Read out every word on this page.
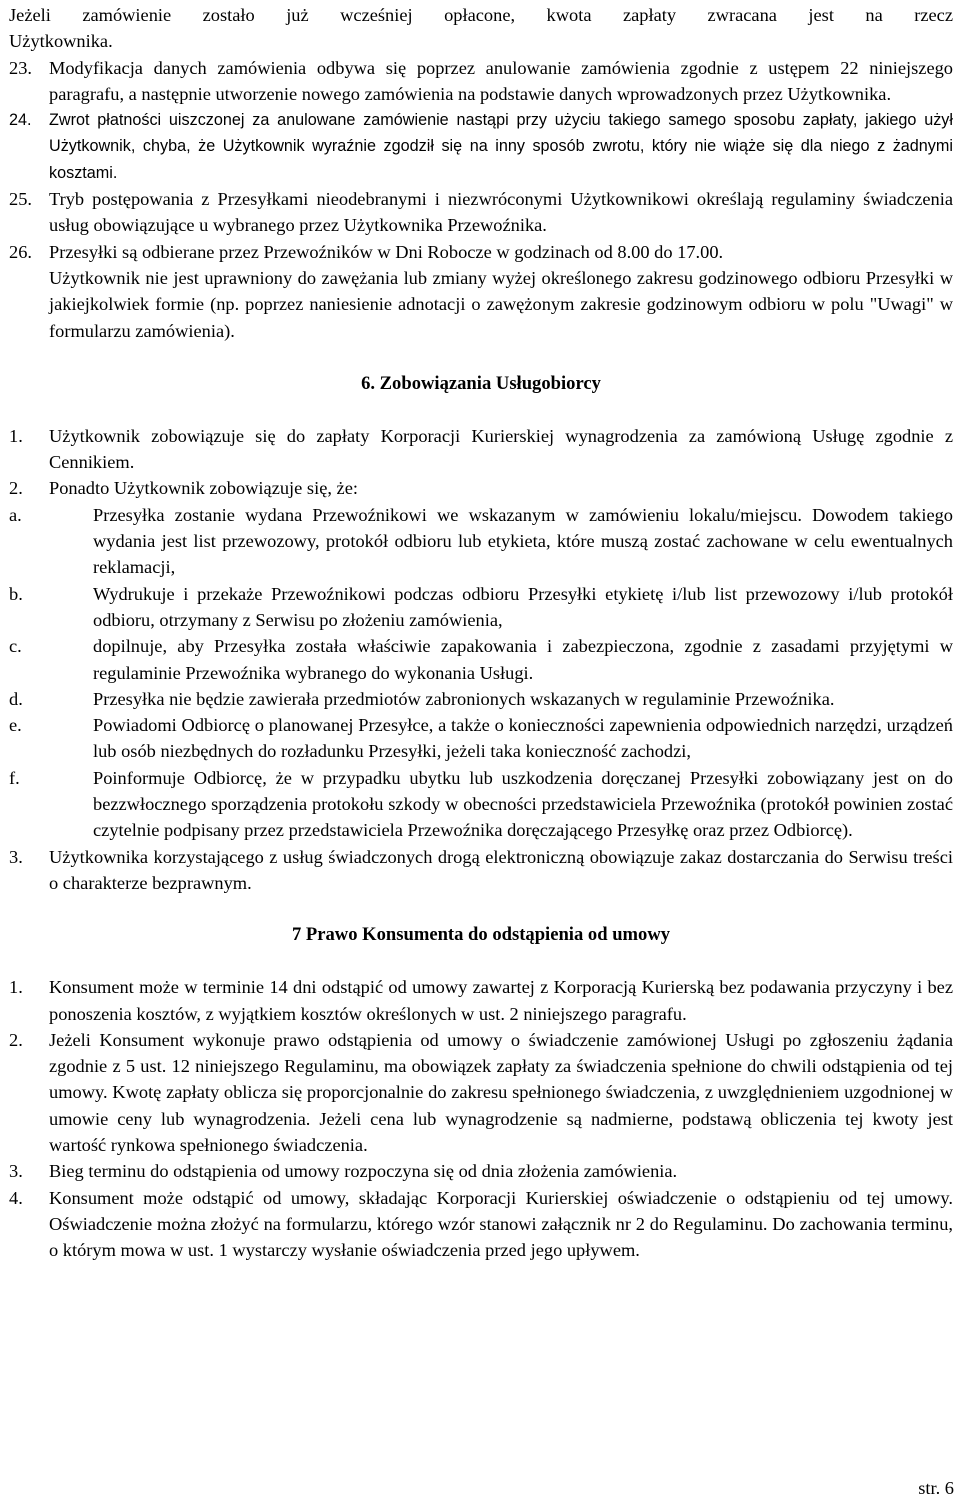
Jeżeli zamówienie zostało już wcześniej opłacone, kwota zapłaty zwracana jest na rzecz

Użytkownika.

23. Modyfikacja danych zamówienia odbywa się poprzez anulowanie zamówienia zgodnie z ustępem 22 niniejszego paragrafu, a następnie utworzenie nowego zamówienia na podstawie danych wprowadzonych przez Użytkownika.
24.	Zwrot płatności uiszczonej za anulowane zamówienie nastąpi przy użyciu takiego samego sposobu zapłaty, jakiego użył Użytkownik, chyba, że Użytkownik wyraźnie zgodził się na inny sposób zwrotu, który nie wiąże się dla niego z żadnymi kosztami.
25. Tryb postępowania z Przesyłkami nieodebranymi i niezwróconymi Użytkownikowi określają regulaminy świadczenia usług obowiązujące u wybranego przez Użytkownika Przewoźnika.
26. Przesyłki są odbierane przez Przewoźników w Dni Robocze w godzinach od 8.00 do 17.00.

Użytkownik nie jest uprawniony do zawężania lub zmiany wyżej określonego zakresu godzinowego odbioru Przesyłki w jakiejkolwiek formie (np. poprzez naniesienie adnotacji o zawężonym zakresie godzinowym odbioru w polu "Uwagi" w formularzu zamówienia).

6. Zobowiązania Usługobiorcy
1.	Użytkownik zobowiązuje się do zapłaty Korporacji Kurierskiej wynagrodzenia za zamówioną Usługę zgodnie z Cennikiem.
2.	Ponadto Użytkownik zobowiązuje się, że:
a.	Przesyłka zostanie wydana Przewoźnikowi we wskazanym w zamówieniu lokalu/miejscu. Dowodem takiego wydania jest list przewozowy, protokół odbioru lub etykieta, które muszą zostać zachowane w celu ewentualnych reklamacji,
b.	Wydrukuje i przekaże Przewoźnikowi podczas odbioru Przesyłki etykietę i/lub list przewozowy i/lub protokół odbioru, otrzymany z Serwisu po złożeniu zamówienia,
c.	dopilnuje, aby Przesyłka została właściwie zapakowania i zabezpieczona, zgodnie z zasadami przyjętymi w regulaminie Przewoźnika wybranego do wykonania Usługi.
d.	Przesyłka nie będzie zawierała przedmiotów zabronionych wskazanych w regulaminie Przewoźnika.
e.	Powiadomi Odbiorcę o planowanej Przesyłce, a także o konieczności zapewnienia odpowiednich narzędzi, urządzeń lub osób niezbędnych do rozładunku Przesyłki, jeżeli taka konieczność zachodzi,
f.	Poinformuje Odbiorcę, że w przypadku ubytku lub uszkodzenia doręczanej Przesyłki zobowiązany jest on do bezzwłocznego sporządzenia protokołu szkody w obecności przedstawiciela Przewoźnika (protokół powinien zostać czytelnie podpisany przez przedstawiciela Przewoźnika doręczającego Przesyłkę oraz przez Odbiorcę).
3.	Użytkownika korzystającego z usług świadczonych drogą elektroniczną obowiązuje zakaz dostarczania do Serwisu treści o charakterze bezprawnym.
7 Prawo Konsumenta do odstąpienia od umowy
1.	Konsument może w terminie 14 dni odstąpić od umowy zawartej z Korporacją Kurierską bez podawania przyczyny i bez ponoszenia kosztów, z wyjątkiem kosztów określonych w ust. 2 niniejszego paragrafu.
2.	Jeżeli Konsument wykonuje prawo odstąpienia od umowy o świadczenie zamówionej Usługi po zgłoszeniu żądania zgodnie z 5 ust. 12 niniejszego Regulaminu, ma obowiązek zapłaty za świadczenia spełnione do chwili odstąpienia od tej umowy. Kwotę zapłaty oblicza się proporcjonalnie do zakresu spełnionego świadczenia, z uwzględnieniem uzgodnionej w umowie ceny lub wynagrodzenia. Jeżeli cena lub wynagrodzenie są nadmierne, podstawą obliczenia tej kwoty jest wartość rynkowa spełnionego świadczenia.
3.	Bieg terminu do odstąpienia od umowy rozpoczyna się od dnia złożenia zamówienia.
4.	Konsument może odstąpić od umowy, składając Korporacji Kurierskiej oświadczenie o odstąpieniu od tej umowy. Oświadczenie można złożyć na formularzu, którego wzór stanowi załącznik nr 2 do Regulaminu. Do zachowania terminu, o którym mowa w ust. 1 wystarczy wysłanie oświadczenia przed jego upływem.
str. 6
